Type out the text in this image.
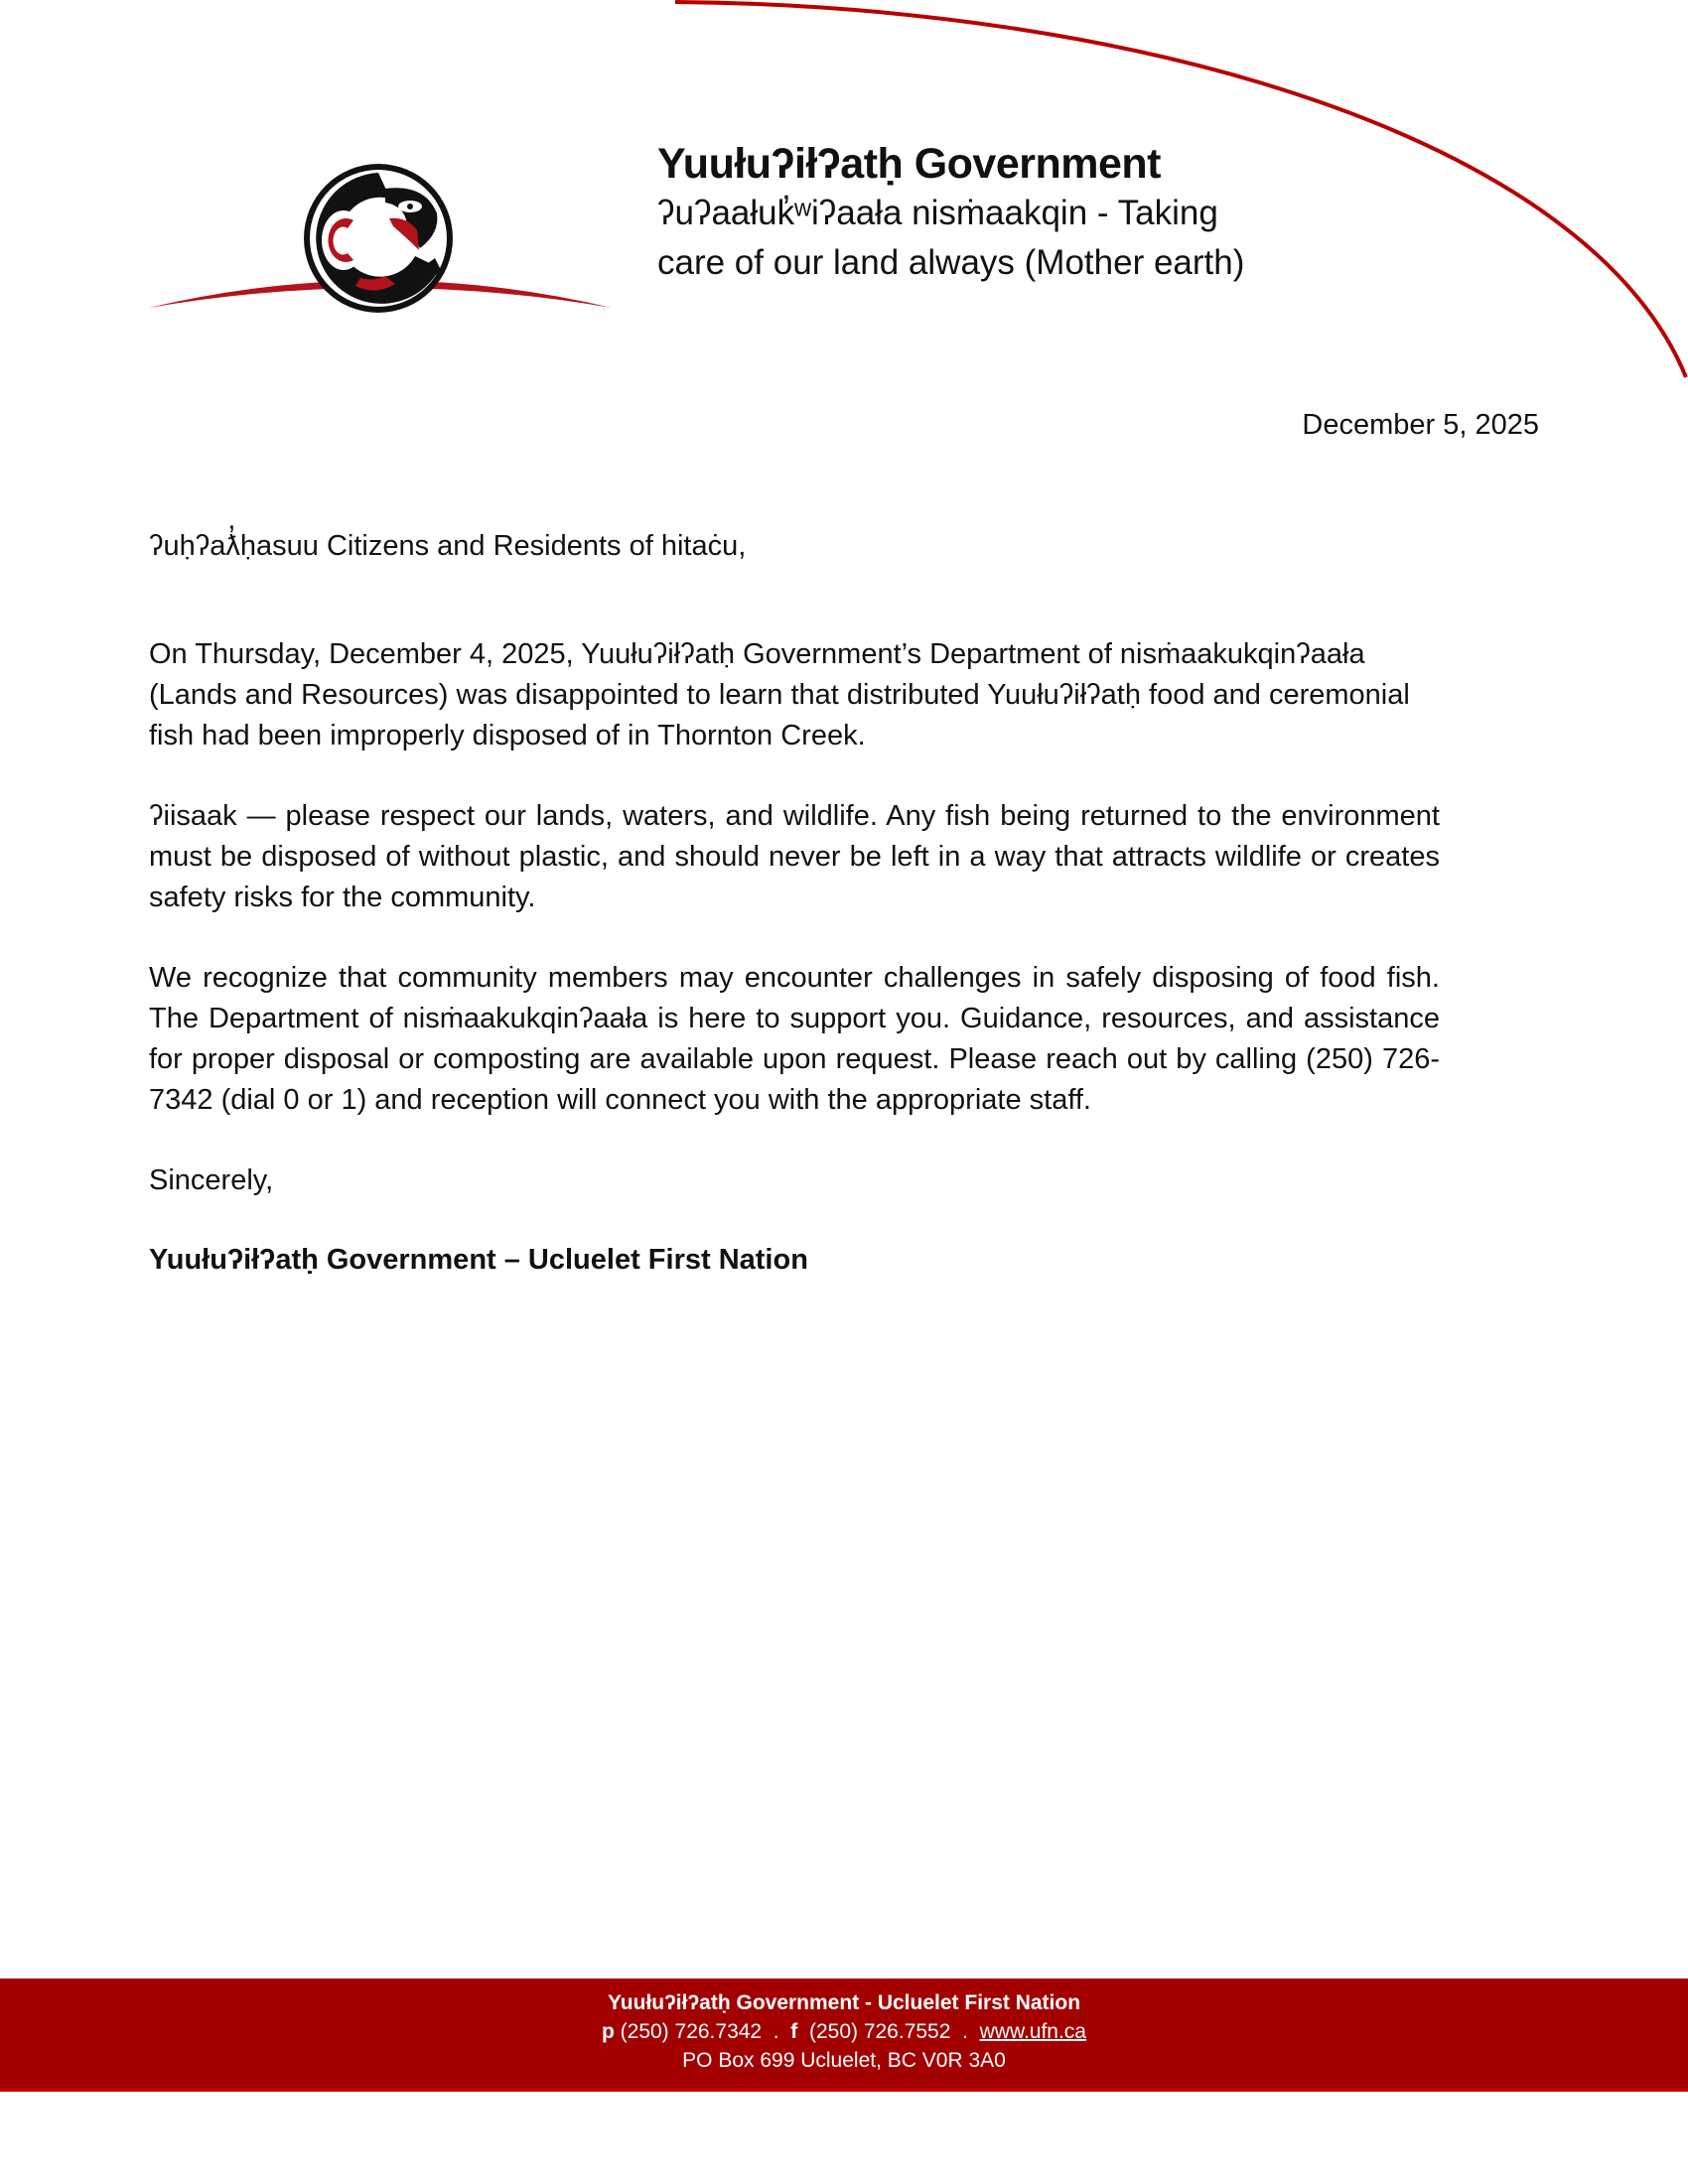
Yuułuʔiłʔatḥ Government

ʔuʔaałuk̓ʷiʔaała nisṁaakqin - Taking

care of our land always (Mother earth)

December 5, 2025

ʔuḥʔaƛ̓ḥasuu Citizens and Residents of hitaċu,

On Thursday, December 4, 2025, Yuułuʔiłʔatḥ Government’s Department of nisṁaakukqinʔaała (Lands and Resources) was disappointed to learn that distributed Yuułuʔiłʔatḥ food and ceremonial fish had been improperly disposed of in Thornton Creek.

ʔiisaak — please respect our lands, waters, and wildlife. Any fish being returned to the environment must be disposed of without plastic, and should never be left in a way that attracts wildlife or creates safety risks for the community.

We recognize that community members may encounter challenges in safely disposing of food fish. The Department of nisṁaakukqinʔaała is here to support you. Guidance, resources, and assistance for proper disposal or composting are available upon request. Please reach out by calling (250) 726-7342 (dial 0 or 1) and reception will connect you with the appropriate staff.

Sincerely,

Yuułuʔiłʔatḥ Government – Ucluelet First Nation

Yuułuʔiłʔatḥ Government - Ucluelet First Nation
p (250) 726.7342 . f (250) 726.7552 . www.ufn.ca
PO Box 699 Ucluelet, BC V0R 3A0
